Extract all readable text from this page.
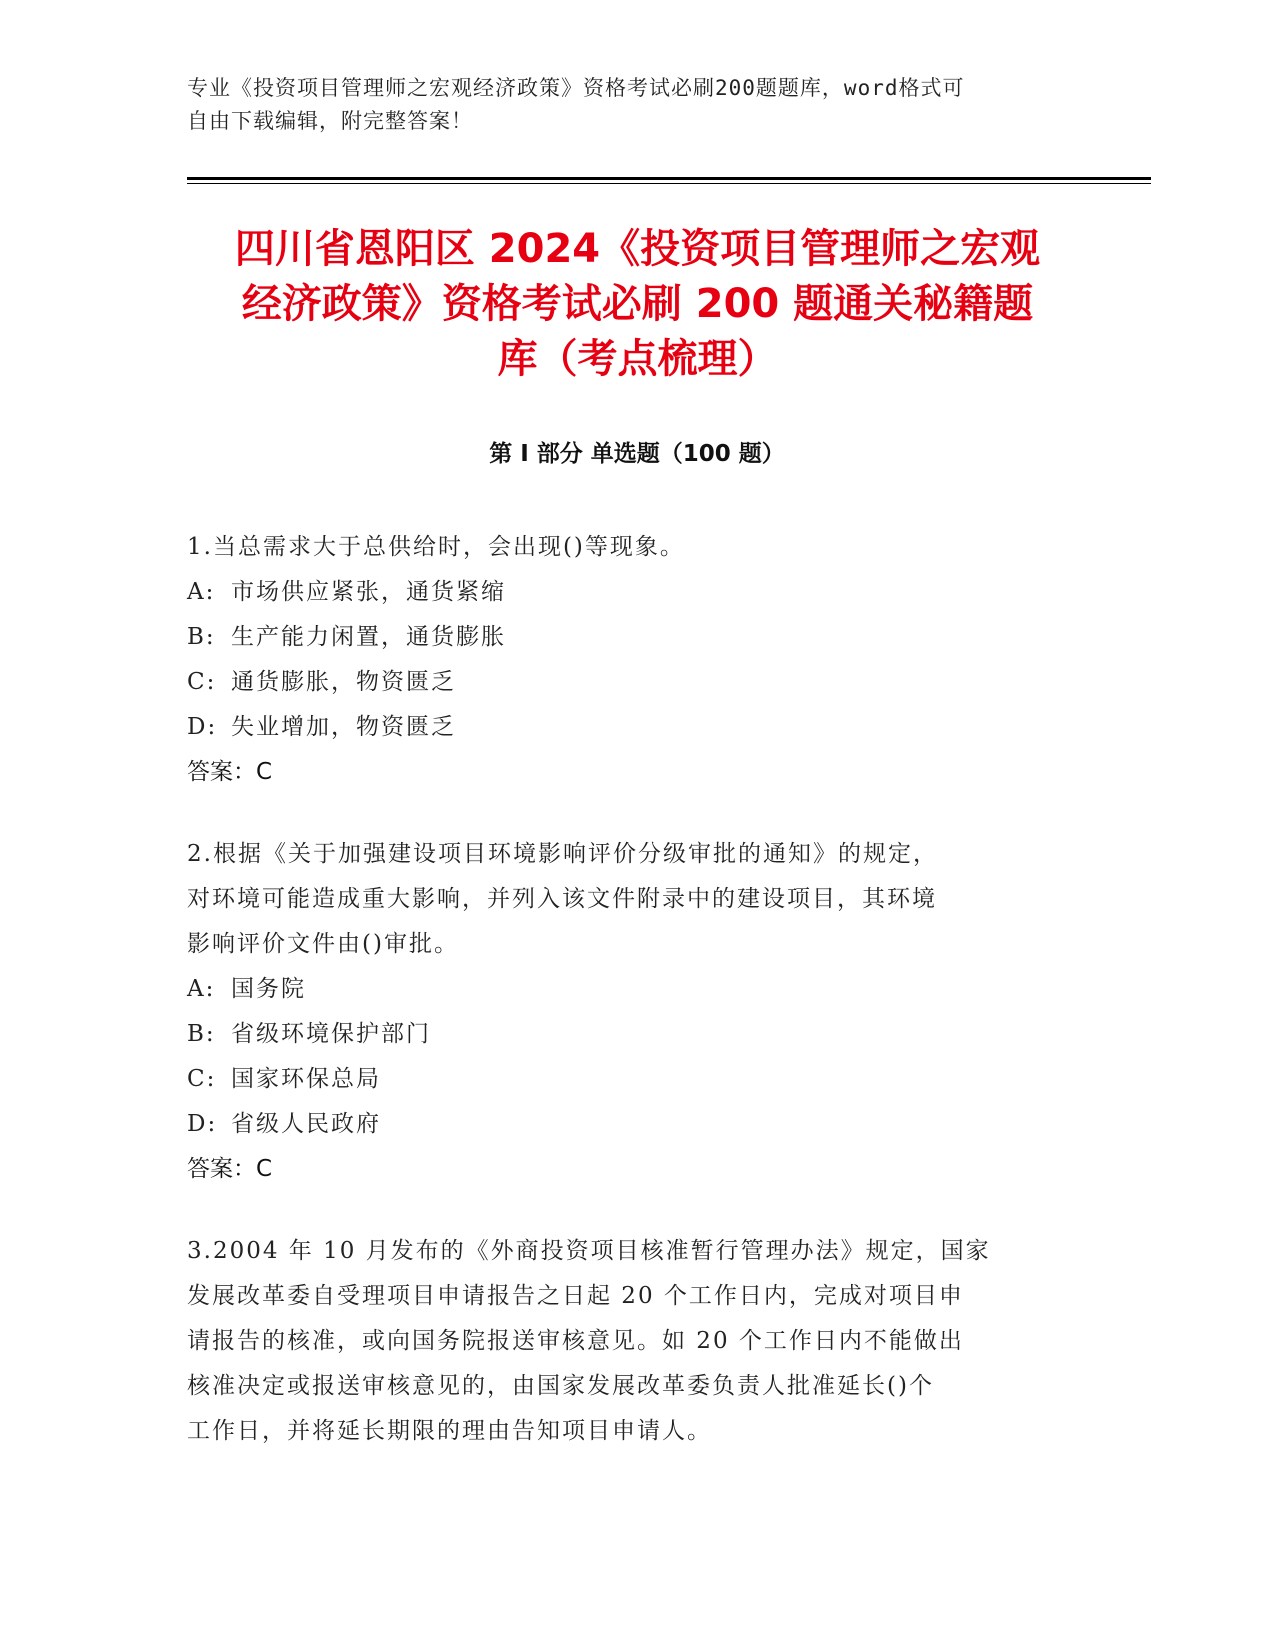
专业《投资项目管理师之宏观经济政策》资格考试必刷200题题库，word格式可
自由下载编辑，附完整答案！
四川省恩阳区 2024《投资项目管理师之宏观
经济政策》资格考试必刷 200 题通关秘籍题
库（考点梳理）
第 I 部分 单选题（100 题）

1.当总需求大于总供给时，会出现()等现象。

A: 市场供应紧张，通货紧缩

B: 生产能力闲置，通货膨胀

C: 通货膨胀，物资匮乏

D: 失业增加，物资匮乏

答案：C

2.根据《关于加强建设项目环境影响评价分级审批的通知》的规定，

对环境可能造成重大影响，并列入该文件附录中的建设项目，其环境

影响评价文件由()审批。

A: 国务院

B: 省级环境保护部门

C: 国家环保总局

D: 省级人民政府

答案：C

3.2004 年 10 月发布的《外商投资项目核准暂行管理办法》规定，国家

发展改革委自受理项目申请报告之日起 20 个工作日内，完成对项目申

请报告的核准，或向国务院报送审核意见。如 20 个工作日内不能做出

核准决定或报送审核意见的，由国家发展改革委负责人批准延长()个

工作日，并将延长期限的理由告知项目申请人。
